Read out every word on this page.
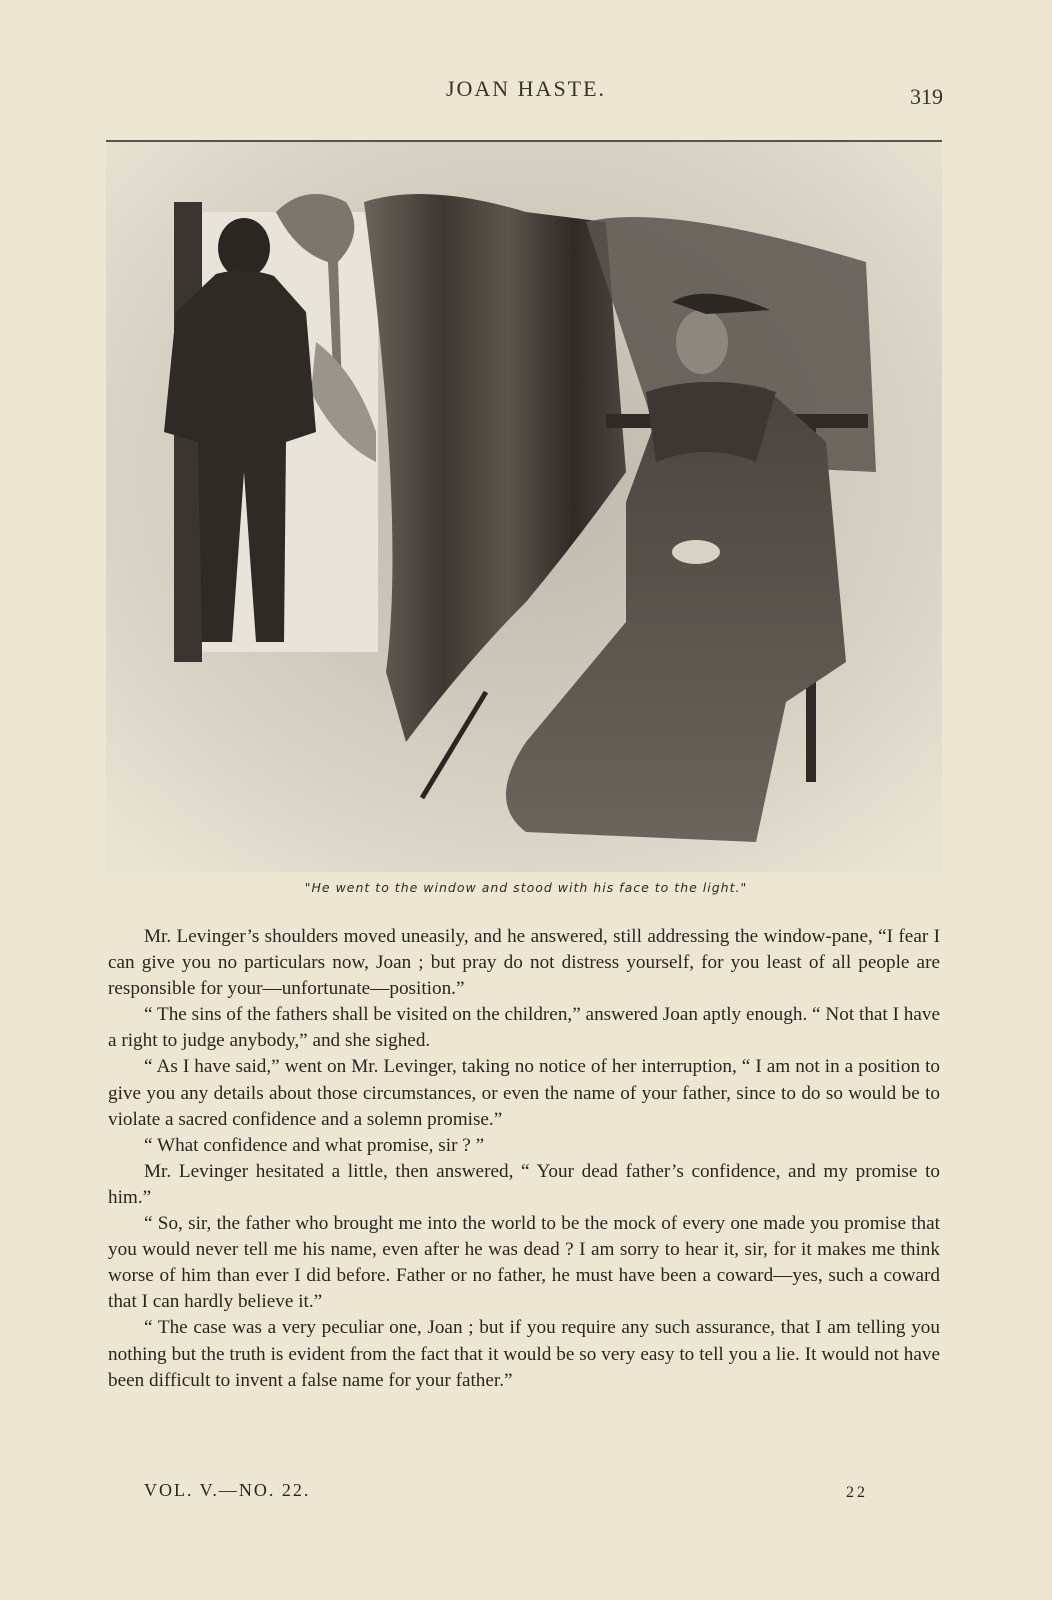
JOAN HASTE.	319
"He went to the window and stood with his face to the light."

Mr. Levinger’s shoulders moved uneasily, and he answered, still addressing the window-pane, “I fear I can give you no particulars now, Joan ; but pray do not distress yourself, for you least of all people are responsible for your—unfortunate—position.”

“ The sins of the fathers shall be visited on the children,” answered Joan aptly enough. “ Not that I have a right to judge anybody,” and she sighed.

“ As I have said,” went on Mr. Levinger, taking no notice of her interruption, “ I am not in a position to give you any details about those circumstances, or even the name of your father, since to do so would be to violate a sacred confidence and a solemn promise.”

“ What confidence and what promise, sir ? ”

Mr. Levinger hesitated a little, then answered, “ Your dead father’s confidence, and my promise to him.”

“ So, sir, the father who brought me into the world to be the mock of every one made you promise that you would never tell me his name, even after he was dead ? I am sorry to hear it, sir, for it makes me think worse of him than ever I did before. Father or no father, he must have been a coward—yes, such a coward that I can hardly believe it.”

“ The case was a very peculiar one, Joan ; but if you require any such assurance, that I am telling you nothing but the truth is evident from the fact that it would be so very easy to tell you a lie. It would not have been difficult to invent a false name for your father.”

VOL. V.—NO. 22.	22
